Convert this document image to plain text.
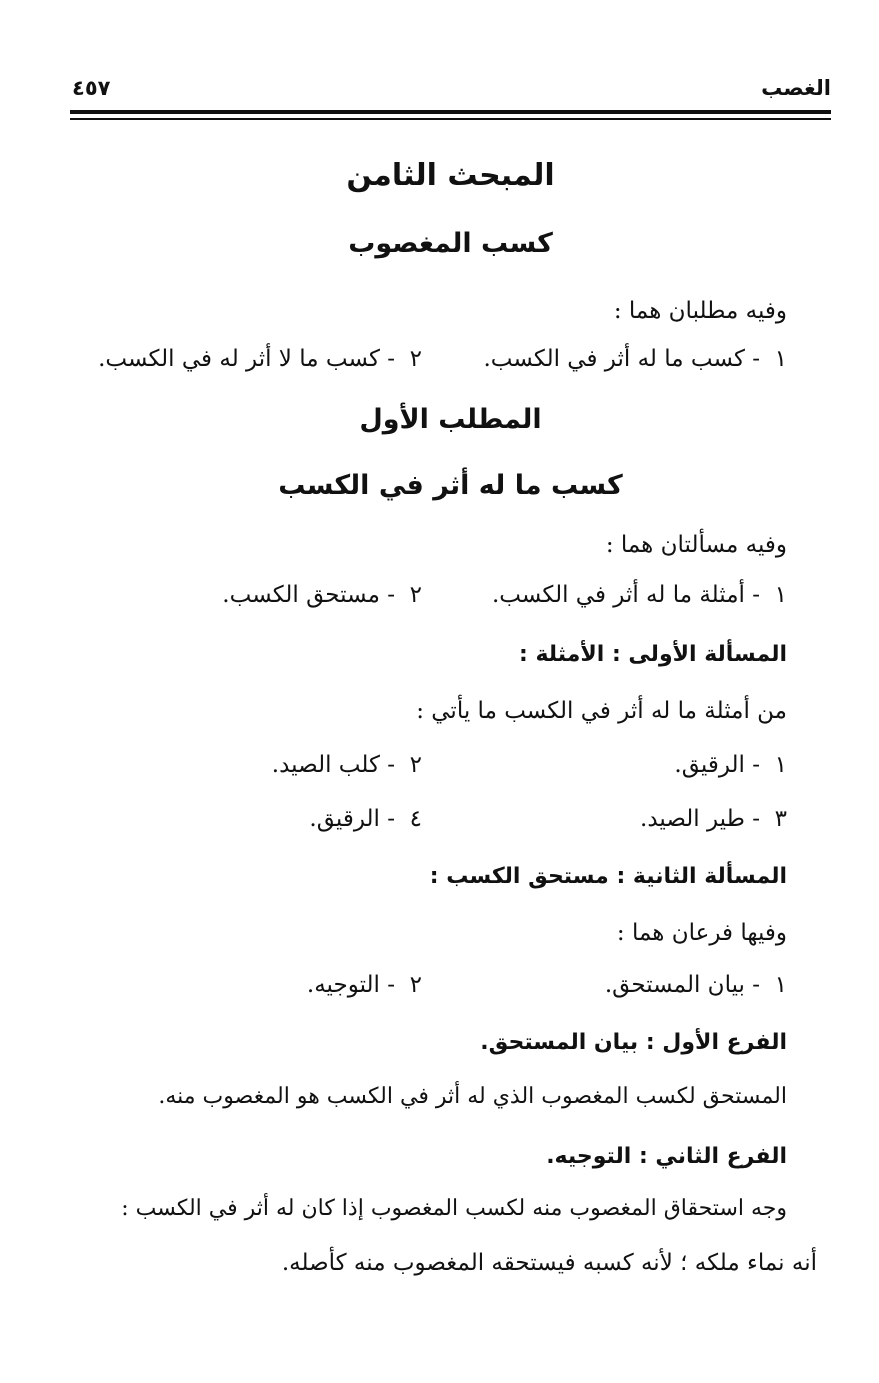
الغصب
٤٥٧
المبحث الثامن
كسب المغصوب
وفيه مطلبان هما :
١  - كسب ما له أثر في الكسب.
٢  - كسب ما لا أثر له في الكسب.
المطلب الأول
كسب ما له أثر في الكسب
وفيه مسألتان هما :
١  - أمثلة ما له أثر في الكسب.
٢  - مستحق الكسب.
المسألة الأولى : الأمثلة :
من أمثلة ما له أثر في الكسب ما يأتي :
١  - الرقيق.
٢  - كلب الصيد.
٣  - طير الصيد.
٤  - الرقيق.
المسألة الثانية : مستحق الكسب :
وفيها فرعان هما :
١  - بيان المستحق.
٢  - التوجيه.
الفرع الأول : بيان المستحق.
المستحق لكسب المغصوب الذي له أثر في الكسب هو المغصوب منه.
الفرع الثاني : التوجيه.
وجه استحقاق المغصوب منه لكسب المغصوب إذا كان له أثر في الكسب :
أنه نماء ملكه ؛ لأنه كسبه فيستحقه المغصوب منه كأصله.
